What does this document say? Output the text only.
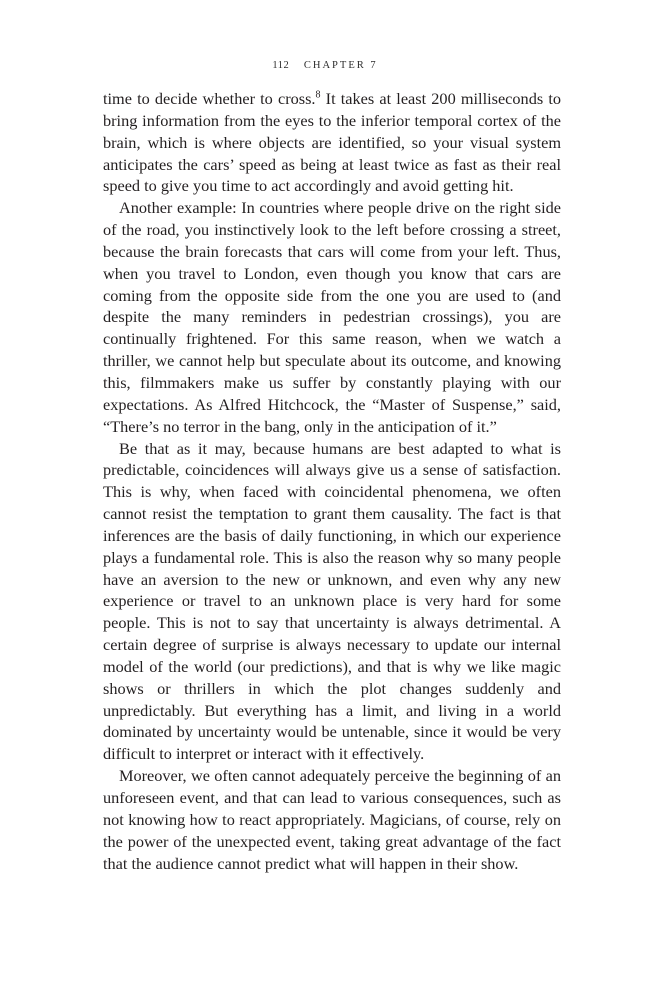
112 CHAPTER 7

time to decide whether to cross.$^8$ It takes at least 200 milliseconds to bring information from the eyes to the inferior temporal cortex of the brain, which is where objects are identified, so your visual system anticipates the cars’ speed as being at least twice as fast as their real speed to give you time to act accordingly and avoid getting hit.

Another example: In countries where people drive on the right side of the road, you instinctively look to the left before crossing a street, because the brain forecasts that cars will come from your left. Thus, when you travel to London, even though you know that cars are coming from the opposite side from the one you are used to (and despite the many reminders in pedestrian crossings), you are continually frightened. For this same reason, when we watch a thriller, we cannot help but speculate about its outcome, and knowing this, filmmakers make us suffer by constantly playing with our expectations. As Alfred Hitchcock, the “Master of Suspense,” said, “There’s no terror in the bang, only in the anticipation of it.”

Be that as it may, because humans are best adapted to what is predictable, coincidences will always give us a sense of satisfaction. This is why, when faced with coincidental phenomena, we often cannot resist the temptation to grant them causality. The fact is that inferences are the basis of daily functioning, in which our experience plays a fundamental role. This is also the reason why so many people have an aversion to the new or unknown, and even why any new experience or travel to an unknown place is very hard for some people. This is not to say that uncertainty is always detrimental. A certain degree of surprise is always necessary to update our internal model of the world (our predictions), and that is why we like magic shows or thrillers in which the plot changes suddenly and unpredictably. But everything has a limit, and living in a world dominated by uncertainty would be untenable, since it would be very difficult to interpret or interact with it effectively.

Moreover, we often cannot adequately perceive the beginning of an unforeseen event, and that can lead to various consequences, such as not knowing how to react appropriately. Magicians, of course, rely on the power of the unexpected event, taking great advantage of the fact that the audience cannot predict what will happen in their show.
